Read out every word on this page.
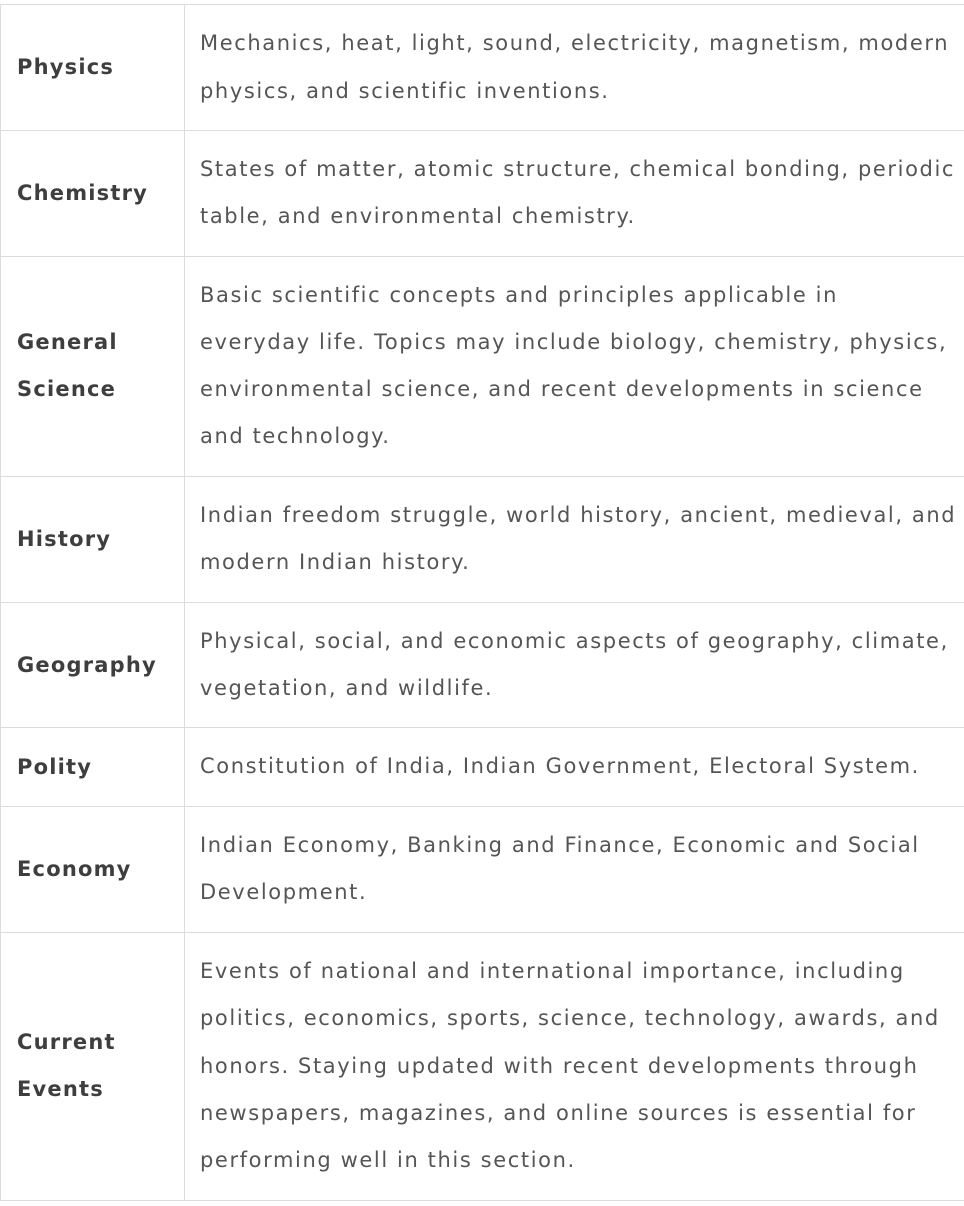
Physics	Mechanics, heat, light, sound, electricity, magnetism, modern physics, and scientific inventions.
Chemistry	States of matter, atomic structure, chemical bonding, periodic table, and environmental chemistry.
General Science	Basic scientific concepts and principles applicable in everyday life. Topics may include biology, chemistry, physics, environmental science, and recent developments in science and technology.
History	Indian freedom struggle, world history, ancient, medieval, and modern Indian history.
Geography	Physical, social, and economic aspects of geography, climate, vegetation, and wildlife.
Polity	Constitution of India, Indian Government, Electoral System.
Economy	Indian Economy, Banking and Finance, Economic and Social Development.
Current Events	Events of national and international importance, including politics, economics, sports, science, technology, awards, and honors. Staying updated with recent developments through newspapers, magazines, and online sources is essential for performing well in this section.
